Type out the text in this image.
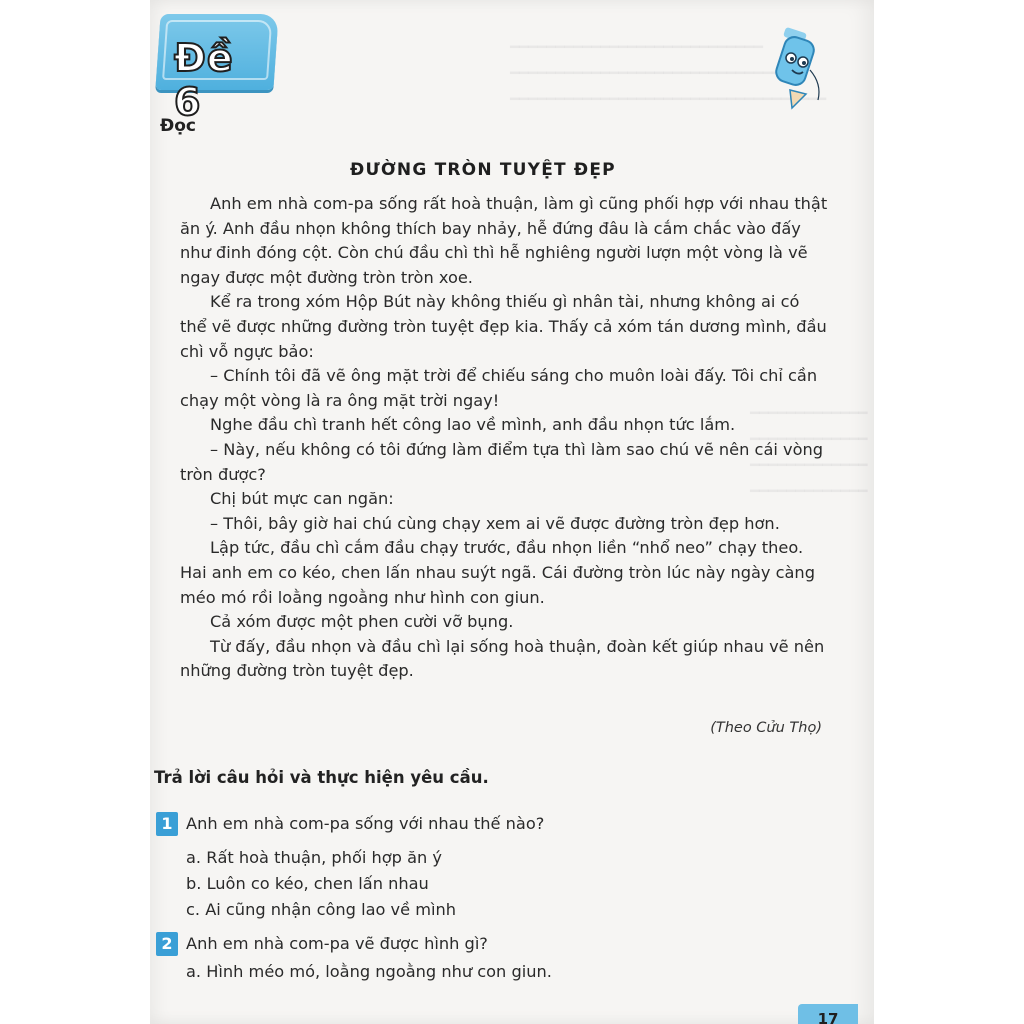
━━━━━━━━━━━━━━━━━━━━━━━━━━━━
━━━━━━━━━━━━━━━━━━━━━━━━━━━━━━━━
━━━━━━━━━━━━━━━━━━━━━━━━━━━━━━━━━━━
━━━━━━━━━━━━━
━━━━━━━━━━━━━
━━━━━━━━━━━━━
━━━━━━━━━━━━━
Đề 6
Đọc
ĐƯỜNG TRÒN TUYỆT ĐẸP

Anh em nhà com-pa sống rất hoà thuận, làm gì cũng phối hợp với nhau thật ăn ý. Anh đầu nhọn không thích bay nhảy, hễ đứng đâu là cắm chắc vào đấy như đinh đóng cột. Còn chú đầu chì thì hễ nghiêng người lượn một vòng là vẽ ngay được một đường tròn tròn xoe.

Kể ra trong xóm Hộp Bút này không thiếu gì nhân tài, nhưng không ai có thể vẽ được những đường tròn tuyệt đẹp kia. Thấy cả xóm tán dương mình, đầu chì vỗ ngực bảo:

– Chính tôi đã vẽ ông mặt trời để chiếu sáng cho muôn loài đấy. Tôi chỉ cần chạy một vòng là ra ông mặt trời ngay!

Nghe đầu chì tranh hết công lao về mình, anh đầu nhọn tức lắm.

– Này, nếu không có tôi đứng làm điểm tựa thì làm sao chú vẽ nên cái vòng tròn được?

Chị bút mực can ngăn:

– Thôi, bây giờ hai chú cùng chạy xem ai vẽ được đường tròn đẹp hơn.

Lập tức, đầu chì cắm đầu chạy trước, đầu nhọn liền “nhổ neo” chạy theo. Hai anh em co kéo, chen lấn nhau suýt ngã. Cái đường tròn lúc này ngày càng méo mó rồi loằng ngoằng như hình con giun.

Cả xóm được một phen cười vỡ bụng.

Từ đấy, đầu nhọn và đầu chì lại sống hoà thuận, đoàn kết giúp nhau vẽ nên những đường tròn tuyệt đẹp.

(Theo Cửu Thọ)
Trả lời câu hỏi và thực hiện yêu cầu.
1 Anh em nhà com-pa sống với nhau thế nào?
a. Rất hoà thuận, phối hợp ăn ý
b. Luôn co kéo, chen lấn nhau
c. Ai cũng nhận công lao về mình
2 Anh em nhà com-pa vẽ được hình gì?
a. Hình méo mó, loằng ngoằng như con giun.
17
